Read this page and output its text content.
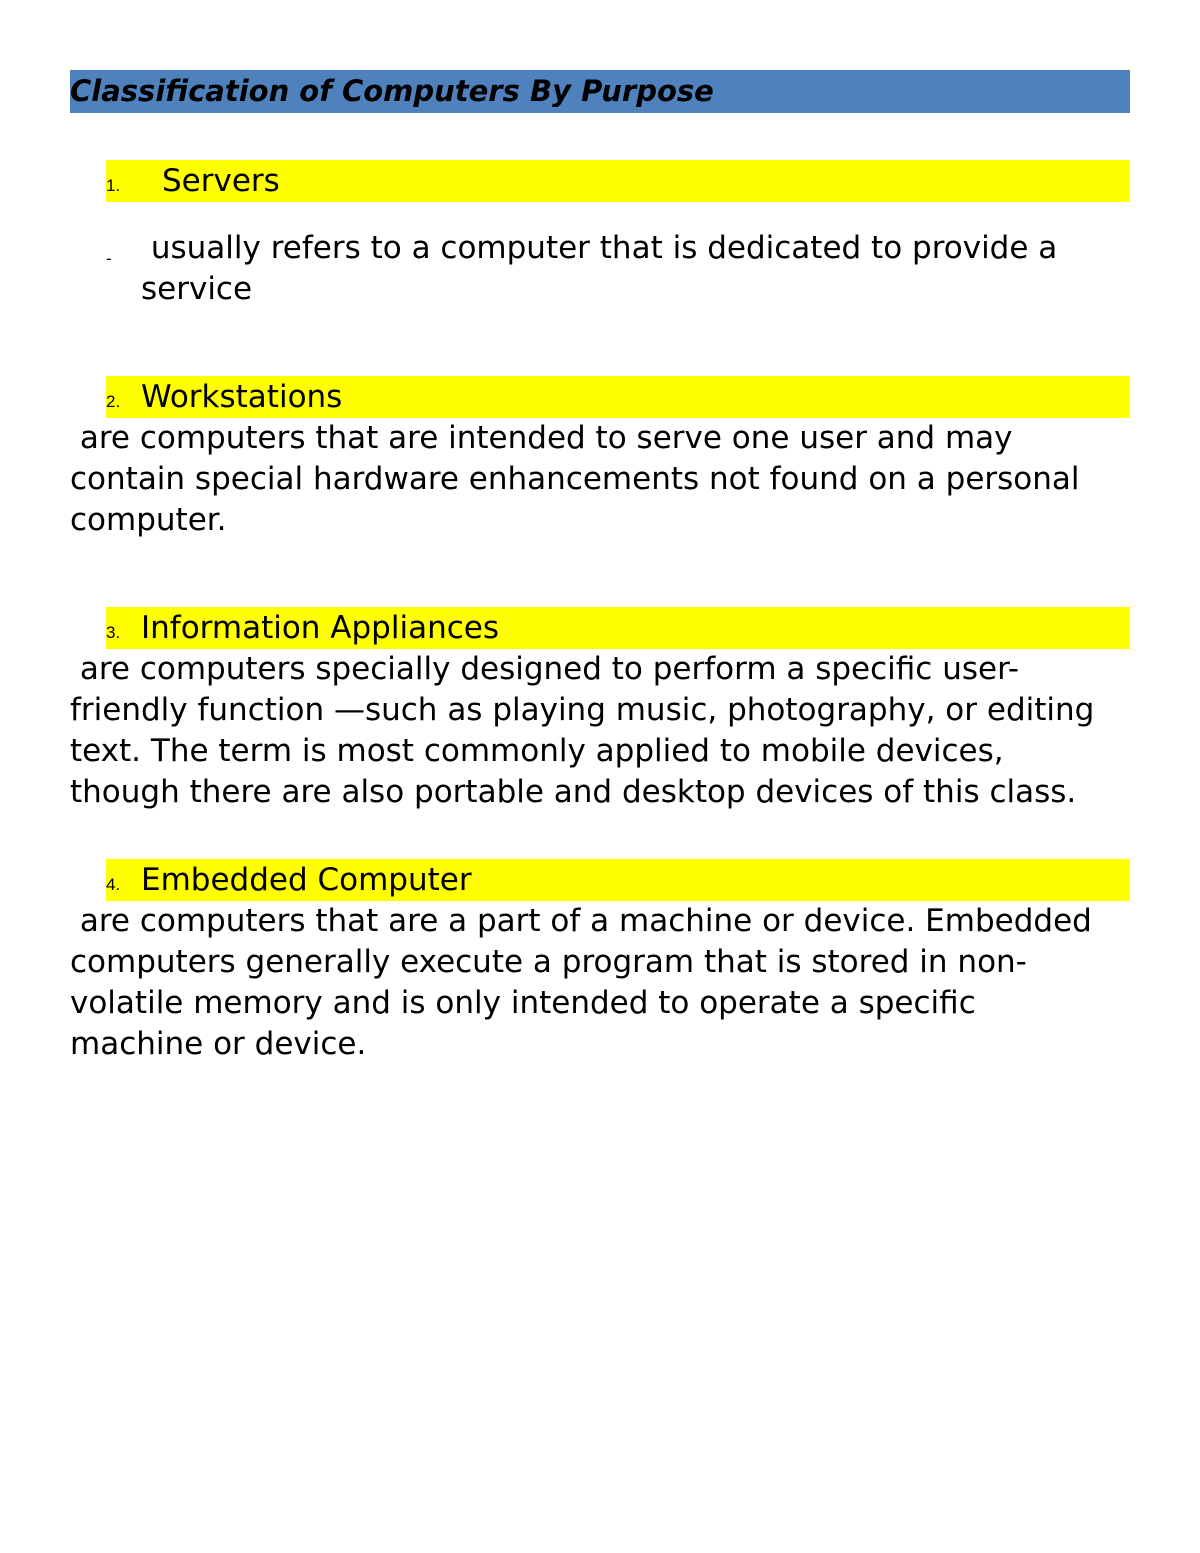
Classification of Computers By Purpose
1. Servers
- usually refers to a computer that is dedicated to provide a
service

2. Workstations

are computers that are intended to serve one user and may
contain special hardware enhancements not found on a personal
computer.

3. Information Appliances

are computers specially designed to perform a specific user-
friendly function —such as playing music, photography, or editing
text. The term is most commonly applied to mobile devices,
though there are also portable and desktop devices of this class.

4. Embedded Computer

are computers that are a part of a machine or device. Embedded
computers generally execute a program that is stored in non-
volatile memory and is only intended to operate a specific
machine or device.
